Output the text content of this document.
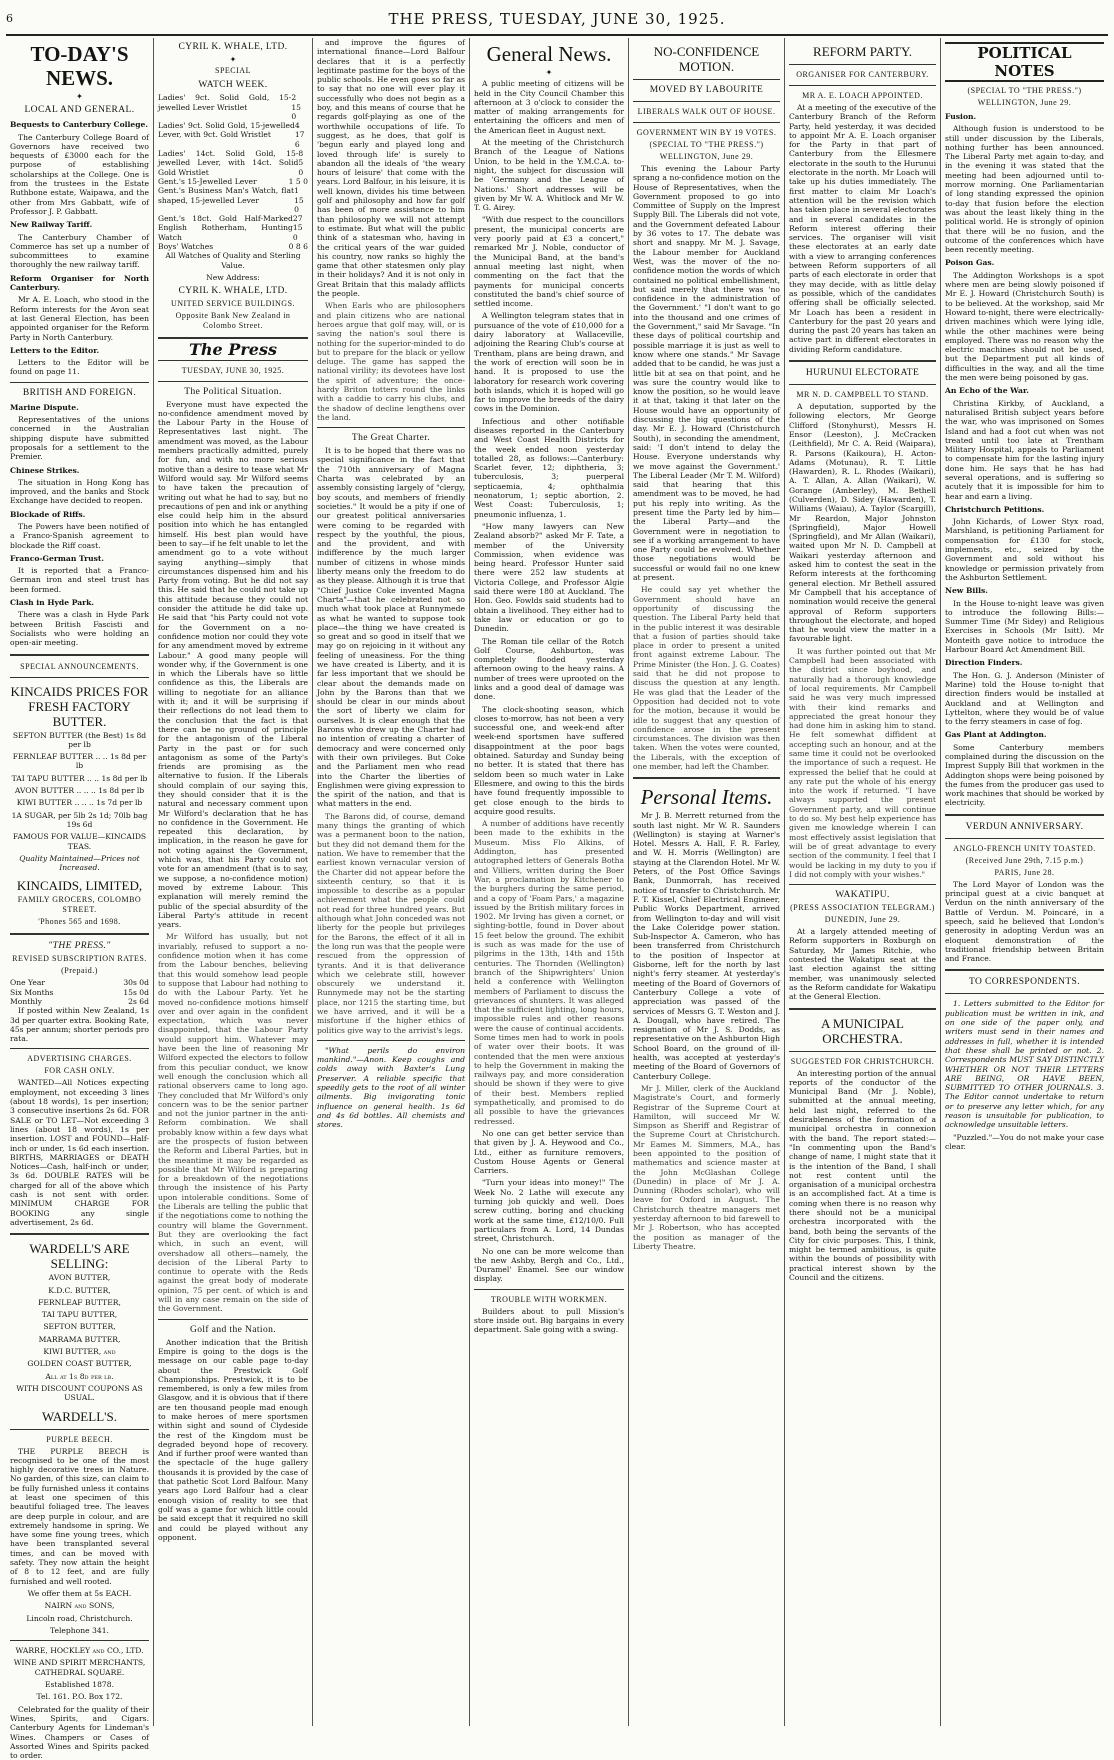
6	THE PRESS, TUESDAY, JUNE 30, 1925.
TO-DAY'S NEWS.
✦
LOCAL AND GENERAL.

Bequests to Canterbury College.

The Canterbury College Board of Governors have received two bequests of £3000 each for the purpose of establishing scholarships at the College. One is from the trustees in the Estate Ruthbone estate, Waipawa, and the other from Mrs Gabbatt, wife of Professor J. P. Gabbatt.

New Railway Tariff.

The Canterbury Chamber of Commerce has set up a number of subcommittees to examine thoroughly the new railway tariff.

Reform Organiser for North Canterbury.

Mr A. E. Loach, who stood in the Reform interests for the Avon seat at last General Election, has been appointed organiser for the Reform Party in North Canterbury.

Letters to the Editor.

Letters to the Editor will be found on page 11.

BRITISH AND FOREIGN.

Marine Dispute.

Representatives of the unions concerned in the Australian shipping dispute have submitted proposals for a settlement to the Premier.

Chinese Strikes.

The situation in Hong Kong has improved, and the banks and Stock Exchange have decided to reopen.

Blockade of Riffs.

The Powers have been notified of a Franco-Spanish agreement to blockade the Riff coast.

Franco-German Trust.

It is reported that a Franco-German iron and steel trust has been formed.

Clash in Hyde Park.

There was a clash in Hyde Park between British Fascisti and Socialists who were holding an open-air meeting.

SPECIAL ANNOUNCEMENTS.
KINCAIDS PRICES FOR FRESH FACTORY BUTTER.

SEFTON BUTTER (the Best) 1s 8d per lb

FERNLEAF BUTTER .. .. 1s 8d per lb

TAI TAPU BUTTER .. .. 1s 8d per lb

AVON BUTTER .. .. .. 1s 8d per lb

KIWI BUTTER .. .. .. 1s 7d per lb

1A SUGAR, per 5lb 2s 1d; 70lb bag 19s 6d

FAMOUS FOR VALUE—KINCAIDS TEAS.

Quality Maintained—Prices not Increased.

KINCAIDS, LIMITED,
FAMILY GROCERS, COLOMBO STREET.
'Phones 565 and 1698.
"THE PRESS."
REVISED SUBSCRIPTION RATES.
(Prepaid.)
One Year	30s 0d
Six Months	15s 0d
Monthly	2s 6d

If posted within New Zealand, 1s 3d per quarter extra. Booking Rate, 45s per annum; shorter periods pro rata.

ADVERTISING CHARGES.
FOR CASH ONLY.

WANTED—All Notices expecting employment, not exceeding 3 lines (about 18 words), 1s per insertion; 3 consecutive insertions 2s 6d. FOR SALE or TO LET—Not exceeding 3 lines (about 18 words), 1s per insertion. LOST and FOUND—Half-inch or under, 1s 6d each insertion. BIRTHS, MARRIAGES or DEATH Notices—Cash, half-inch or under, 3s 6d. DOUBLE RATES will be charged for all of the above which cash is not sent with order. MINIMUM CHARGE FOR BOOKING any single advertisement, 2s 6d.

WARDELL'S ARE SELLING:

AVON BUTTER,

K.D.C. BUTTER,

FERNLEAF BUTTER,

TAI TAPU BUTTER,

SEFTON BUTTER,

MARRAMA BUTTER,

KIWI BUTTER, and

GOLDEN COAST BUTTER,

All at 1s 8d per lb.

WITH DISCOUNT COUPONS AS USUAL.

WARDELL'S.
PURPLE BEECH.

THE PURPLE BEECH is recognised to be one of the most highly decorative trees in Nature. No garden, of this size, can claim to be fully furnished unless it contains at least one specimen of this beautiful foliaged tree. The leaves are deep purple in colour, and are extremely handsome in spring. We have some fine young trees, which have been transplanted several times, and can be moved with safety. They now attain the height of 8 to 12 feet, and are fully furnished and well rooted.

We offer them at 5s EACH.

NAIRN and SONS,

Lincoln road, Christchurch.

Telephone 341.

WARRE, HOCKLEY and CO., LTD.

WINE AND SPIRIT MERCHANTS, CATHEDRAL SQUARE.

Established 1878.

Tel. 161. P.O. Box 172.

Celebrated for the quality of their Wines, Spirits, and Cigars. Canterbury Agents for Lindeman's Wines. Champers or Cases of Assorted Wines and Spirits packed to order.

CYRIL K. WHALE, LTD.
✦
SPECIAL
WATCH WEEK.
Ladies' 9ct. Solid Gold, 15-jewelled Lever Wristlet
2 15 0
Ladies' 9ct. Solid Gold, 15-jewelled Lever, with 9ct. Gold Wristlet
4 17 6
Ladies' 14ct. Solid Gold, 15-jewelled Lever, with 14ct. Solid Gold Wristlet
8 5 0
Gent.'s 15-Jewelled Lever	1 5 0
Gent.'s Business Man's Watch, flat shaped, 15-jewelled Lever
1 15 0
Gent.'s 18ct. Gold Half-Marked English Rotherham, Hunting Watch
27 15 0
Boys' Watches	0 8 6

All Watches of Quality and Sterling Value.

New Address:

CYRIL K. WHALE, LTD.
UNITED SERVICE BUILDINGS.
Opposite Bank New Zealand in Colombo Street.
The Press
TUESDAY, JUNE 30, 1925.
The Political Situation.

Everyone must have expected the no-confidence amendment moved by the Labour Party in the House of Representatives last night. The amendment was moved, as the Labour members practically admitted, purely for fun, and with no more serious motive than a desire to tease what Mr Wilford would say. Mr Wilford seems to have taken the precaution of writing out what he had to say, but no precautions of pen and ink or anything else could help him in the absurd position into which he has entangled himself. His best plan would have been to say—if he felt unable to let the amendment go to a vote without saying anything—simply that circumstances dispensed him and his Party from voting. But he did not say this. He said that he could not take up this attitude because they could not consider the attitude he did take up. He said that "his Party could not vote for the Government on a no-confidence motion nor could they vote for any amendment moved by extreme Labour." A good many people will wonder why, if the Government is one in which the Liberals have so little confidence as this, the Liberals are willing to negotiate for an alliance with it; and it will be surprising if their reflections do not lead them to the conclusion that the fact is that there can be no ground of principle for the antagonism of the Liberal Party in the past or for such antagonism as some of the Party's friends are promising as the alternative to fusion. If the Liberals should complain of our saying this, they should consider that it is the natural and necessary comment upon Mr Wilford's declaration that he has no confidence in the Government. He repeated this declaration, by implication, in the reason he gave for not voting against the Government, which was, that his Party could not vote for an amendment (that is to say, we suppose, a no-confidence motion) moved by extreme Labour. This explanation will merely remind the public of the special absurdity of the Liberal Party's attitude in recent years.

Mr Wilford has usually, but not invariably, refused to support a no-confidence motion when it has come from the Labour benches, believing that this would somehow lead people to suppose that Labour had nothing to do with the Labour Party. Yet he moved no-confidence motions himself over and over again in the confident expectation, which was never disappointed, that the Labour Party would support him. Whatever may have been the line of reasoning Mr Wilford expected the electors to follow from this peculiar conduct, we know well enough the conclusion which all rational observers came to long ago. They concluded that Mr Wilford's only concern was to be the senior partner and not the junior partner in the anti-Reform combination. We shall probably know within a few days what are the prospects of fusion between the Reform and Liberal Parties, but in the meantime it may be regarded as possible that Mr Wilford is preparing for a breakdown of the negotiations through the insistence of his Party upon intolerable conditions. Some of the Liberals are telling the public that if the negotiations come to nothing the country will blame the Government. But they are overlooking the fact which, in such an event, will overshadow all others—namely, the decision of the Liberal Party to continue to operate with the Reds against the great body of moderate opinion, 75 per cent. of which is and will in any case remain on the side of the Government.

Golf and the Nation.

Another indication that the British Empire is going to the dogs is the message on our cable page to-day about the Prestwick Golf Championships. Prestwick, it is to be remembered, is only a few miles from Glasgow, and it is obvious that if there are ten thousand people mad enough to make heroes of mere sportsmen within sight and sound of Clydeside the rest of the Kingdom must be degraded beyond hope of recovery. And if further proof were wanted than the spectacle of the huge gallery thousands it is provided by the case of that pathetic Scot Lord Balfour. Many years ago Lord Balfour had a clear enough vision of reality to see that golf was a game for which little could be said except that it required no skill and could be played without any opponent.

and improve the figures of international finance—Lord Balfour declares that it is a perfectly legitimate pastime for the boys of the public schools. He even goes so far as to say that no one will ever play it successfully who does not begin as a boy, and this means of course that he regards golf-playing as one of the worthwhile occupations of life. To suggest, as he does, that golf is 'begun early and played long and loved through life' is surely to abandon all the ideals of 'the weary hours of leisure' that come with the years. Lord Balfour, in his leisure, it is well known, divides his time between golf and philosophy and how far golf has been of more assistance to him than philosophy we will not attempt to estimate. But what will the public think of a statesman who, having in the critical years of the war guided his country, now ranks so highly the game that other statesmen only play in their holidays? And it is not only in Great Britain that this malady afflicts the people.

When Earls who are philosophers and plain citizens who are national heroes argue that golf may, will, or is saving the nation's soul there is nothing for the superior-minded to do but to prepare for the black or yellow deluge. The game has sapped the national virility; its devotees have lost the spirit of adventure; the once-hardy Briton totters round the links with a caddie to carry his clubs, and the shadow of decline lengthens over the land.

The Great Charter.

It is to be hoped that there was no special significance in the fact that the 710th anniversary of Magna Charta was celebrated by an assembly consisting largely of "clergy, boy scouts, and members of friendly societies." It would be a pity if one of our greatest political anniversaries were coming to be regarded with respect by the youthful, the pious, and the provident, and with indifference by the much larger number of citizens in whose minds liberty means only the freedom to do as they please. Although it is true that "Chief Justice Coke invented Magna Charta"—that he celebrated not so much what took place at Runnymede as what he wanted to suppose took place—the thing we have created is so great and so good in itself that we may go on rejoicing in it without any feeling of uneasiness. For the thing we have created is Liberty, and it is far less important that we should be clear about the demands made on John by the Barons than that we should be clear in our minds about the sort of liberty we claim for ourselves. It is clear enough that the Barons who drew up the Charter had no intention of creating a charter of democracy and were concerned only with their own privileges. But Coke and the Parliament men who read into the Charter the liberties of Englishmen were giving expression to the spirit of the nation, and that is what matters in the end.

The Barons did, of course, demand many things the granting of which was a permanent boon to the nation, but they did not demand them for the nation. We have to remember that the earliest known vernacular version of the Charter did not appear before the sixteenth century, so that it is impossible to describe as a popular achievement what the people could not read for three hundred years. But although what John conceded was not liberty for the people but privileges for the Barons, the effect of it all in the long run was that the people were rescued from the oppression of tyrants. And it is that deliverance which we celebrate still, however obscurely we understand it. Runnymede may not be the starting place, nor 1215 the starting time, but we have arrived, and it will be a misfortune if the higher ethics of politics give way to the arrivist's legs.

"What perils do environ mankind."—Anon. Keep coughs and colds away with Baxter's Lung Preserver. A reliable specific that speedily gets to the root of all winter ailments. Big invigorating tonic influence on general health. 1s 6d and 4s 6d bottles. All chemists and stores.

General News.
✦

A public meeting of citizens will be held in the City Council Chamber this afternoon at 3 o'clock to consider the matter of making arrangements for entertaining the officers and men of the American fleet in August next.

At the meeting of the Christchurch Branch of the League of Nations Union, to be held in the Y.M.C.A. to-night, the subject for discussion will be 'Germany and the League of Nations.' Short addresses will be given by Mr W. A. Whitlock and Mr W. T. G. Airey.

"With due respect to the councillors present, the municipal concerts are very poorly paid at £3 a concert," remarked Mr J. Noble, conductor of the Municipal Band, at the band's annual meeting last night, when commenting on the fact that the payments for municipal concerts constituted the band's chief source of settled income.

A Wellington telegram states that in pursuance of the vote of £10,000 for a dairy laboratory at Wallaceville, adjoining the Rearing Club's course at Trentham, plans are being drawn, and the work of erection will soon be in hand. It is proposed to use the laboratory for research work covering both islands, which it is hoped will go far to improve the breeds of the dairy cows in the Dominion.

Infectious and other notifiable diseases reported in the Canterbury and West Coast Health Districts for the week ended noon yesterday totalled 28, as follows:—Canterbury: Scarlet fever, 12; diphtheria, 3; tuberculosis, 3; puerperal septicaemia, 4; ophthalmia neonatorum, 1; septic abortion, 2. West Coast: Tuberculosis, 1; pneumonic influenza, 1.

"How many lawyers can New Zealand absorb?" asked Mr F. Tate, a member of the University Commission, when evidence was being heard. Professor Hunter said there were 252 law students at Victoria College, and Professor Algie said there were 180 at Auckland. The Hon. Geo. Fowlds said students had to obtain a livelihood. They either had to take law or education or go to Dunedin.

The Roman tile cellar of the Rotch Golf Course, Ashburton, was completely flooded yesterday afternoon owing to the heavy rains. A number of trees were uprooted on the links and a good deal of damage was done.

The clock-shooting season, which closes to-morrow, has not been a very successful one, and week-end after week-end sportsmen have suffered disappointment at the poor bags obtained. Saturday and Sunday being no better. It is stated that there has seldom been so much water in Lake Ellesmere, and owing to this the birds have found frequently impossible to get close enough to the birds to acquire good results.

A number of additions have recently been made to the exhibits in the Museum. Miss Flo Alkins, of Addington, has presented autographed letters of Generals Botha and Villiers, written during the Boer War, a proclamation by Kitchener to the burghers during the same period, and a copy of 'Foam Pars,' a magazine issued by the British military forces in 1902. Mr Irving has given a cornet, or sighting-bottle, found in Dover about 15 feet below the ground. The exhibit is such as was made for the use of pilgrims in the 13th, 14th and 15th centuries. The Thornden (Wellington) branch of the Shipwrighters' Union held a conference with Wellington members of Parliament to discuss the grievances of shunters. It was alleged that the sufficient lighting, long hours, impossible rules and other reasons were the cause of continual accidents. Some times men had to work in pools of water over their boots. It was contended that the men were anxious to help the Government in making the railways pay, and more consideration should be shown if they were to give of their best. Members replied sympathetically, and promised to do all possible to have the grievances redressed.

No one can get better service than that given by J. A. Heywood and Co., Ltd., either as furniture removers, Custom House Agents or General Carriers.

"Turn your ideas into money!" The Week No. 2 Lathe will execute any turning job quickly and well. Does screw cutting, boring and chucking work at the same time, £12/10/0. Full particulars from A. Lord, 14 Dundas street, Christchurch.

No one can be more welcome than the new Ashby, Bergh and Co., Ltd., 'Duramel' Enamel. See our window display.

TROUBLE WITH WORKMEN.

Builders about to pull Mission's store inside out. Big bargains in every department. Sale going with a swing.

NO-CONFIDENCE MOTION.
MOVED BY LABOURITE
LIBERALS WALK OUT OF HOUSE.
GOVERNMENT WIN BY 19 VOTES.
(SPECIAL TO "THE PRESS.")
WELLINGTON, June 29.

This evening the Labour Party sprang a no-confidence motion on the House of Representatives, when the Government proposed to go into Committee of Supply on the Imprest Supply Bill. The Liberals did not vote, and the Government defeated Labour by 36 votes to 17. The debate was short and snappy. Mr M. J. Savage, the Labour member for Auckland West, was the mover of the no-confidence motion the words of which contained no political embellishment, but said merely that there was 'no confidence in the administration of the Government.' "I don't want to go into the thousand and one crimes of the Government," said Mr Savage. "In these days of political courtship and possible marriage it is just as well to know where one stands." Mr Savage added that to be candid, he was just a little bit at sea on that point, and he was sure the country would like to know the position, so he would leave it at that, taking it that later on the House would have an opportunity of discussing the big questions of the day. Mr E. J. Howard (Christchurch South), in seconding the amendment, said: 'I don't intend to delay the House. Everyone understands why we move against the Government.' The Liberal Leader (Mr T. M. Wilford) said that hearing that this amendment was to be moved, he had put his reply into writing. As the present time the Party led by him—the Liberal Party—and the Government were in negotiation to see if a working arrangement to have one Party could be evolved. Whether those negotiations would be successful or would fail no one knew at present.

He could say yet whether the Government should have an opportunity of discussing the question. The Liberal Party held that in the public interest it was desirable that a fusion of parties should take place in order to present a united front against extreme Labour. The Prime Minister (the Hon. J. G. Coates) said that he did not propose to discuss the question at any length. He was glad that the Leader of the Opposition had decided not to vote for the motion, because it would be idle to suggest that any question of confidence arose in the present circumstances. The division was then taken. When the votes were counted, the Liberals, with the exception of one member, had left the Chamber.

Personal Items.

Mr J. B. Merrett returned from the south last night. Mr W. R. Saunders (Wellington) is staying at Warner's Hotel. Messrs A. Hall, F. R. Farley, and W. H. Morris (Wellington) are staying at the Clarendon Hotel. Mr W. Peters, of the Post Office Savings Bank, Dunmorrah, has received notice of transfer to Christchurch. Mr F. T. Kissel, Chief Electrical Engineer, Public Works Department, arrived from Wellington to-day and will visit the Lake Coleridge power station. Sub-Inspector A. Cameron, who has been transferred from Christchurch to the position of Inspector at Gisborne, left for the north by last night's ferry steamer. At yesterday's meeting of the Board of Governors of Canterbury College a vote of appreciation was passed of the services of Messrs G. T. Weston and J. A. Dougall, who have retired. The resignation of Mr J. S. Dodds, as representative on the Ashburton High School Board, on the ground of ill-health, was accepted at yesterday's meeting of the Board of Governors of Canterbury College.

Mr J. Miller, clerk of the Auckland Magistrate's Court, and formerly Registrar of the Supreme Court at Hamilton, will succeed Mr W. Simpson as Sheriff and Registrar of the Supreme Court at Christchurch. Mr Eames M. Simmers, M.A., has been appointed to the position of mathematics and science master at the John McGlashan College (Dunedin) in place of Mr J. A. Dunning (Rhodes scholar), who will leave for Oxford in August. The Christchurch theatre managers met yesterday afternoon to bid farewell to Mr J. Robertson, who has accepted the position as manager of the Liberty Theatre.

REFORM PARTY.
ORGANISER FOR CANTERBURY.
MR A. E. LOACH APPOINTED.

At a meeting of the executive of the Canterbury Branch of the Reform Party, held yesterday, it was decided to appoint Mr A. E. Loach organiser for the Party in that part of Canterbury from the Ellesmere electorate in the south to the Hurunui electorate in the north. Mr Loach will take up his duties immediately. The first matter to claim Mr Loach's attention will be the revision which has taken place in several electorates and in several candidates in the Reform interest offering their services. The organiser will visit these electorates at an early date with a view to arranging conferences between Reform supporters of all parts of each electorate in order that they may decide, with as little delay as possible, which of the candidates offering shall be officially selected. Mr Loach has been a resident in Canterbury for the past 20 years and during the past 20 years has taken an active part in different electorates in dividing Reform candidature.

HURUNUI ELECTORATE
MR N. D. CAMPBELL TO STAND.

A deputation, supported by the following electors, Mr George Clifford (Stonyhurst), Messrs H. Ensor (Leeston), J. McCracken (Leithfield), Mr C. A. Reid (Waipara), R. Parsons (Kaikoura), H. Acton-Adams (Motunau), R. T. Little (Hawarden), R. L. Rhodes (Waikari), A. T. Allan, A. Allan (Waikari), W. Gorange (Amberley), M. Bethell (Culverden), D. Sidey (Hawarden), T. Williams (Waiau), A. Taylor (Scargill), Mr Reardon, Major Johnston (Springfield), Major Howell (Springfield), and Mr Allan (Waikari), waited upon Mr N. D. Campbell at Waikari yesterday afternoon and asked him to contest the seat in the Reform interests at the forthcoming general election. Mr Bethell assured Mr Campbell that his acceptance of nomination would receive the general approval of Reform supporters throughout the electorate, and hoped that he would view the matter in a favourable light.

It was further pointed out that Mr Campbell had been associated with the district since boyhood, and naturally had a thorough knowledge of local requirements. Mr Campbell said he was very much impressed with their kind remarks and appreciated the great honour they had done him in asking him to stand. He felt somewhat diffident at accepting such an honour, and at the same time it could not be overlooked the importance of such a request. He expressed the belief that he could at any rate put the whole of his energy into the work if returned. "I have always supported the present Government party, and will continue to do so. My best help experience has given me knowledge wherein I can most effectively assist legislation that will be of great advantage to every section of the community. I feel that I would be lacking in my duty to you if I did not comply with your wishes."

WAKATIPU.
(PRESS ASSOCIATION TELEGRAM.)
DUNEDIN, June 29.

At a largely attended meeting of Reform supporters in Roxburgh on Saturday, Mr James Ritchie, who contested the Wakatipu seat at the last election against the sitting member, was unanimously selected as the Reform candidate for Wakatipu at the General Election.

A MUNICIPAL ORCHESTRA.
SUGGESTED FOR CHRISTCHURCH.

An interesting portion of the annual reports of the conductor of the Municipal Band (Mr J. Noble), submitted at the annual meeting, held last night, referred to the desirableness of the formation of a municipal orchestra in connexion with the band. The report stated:— "In commenting upon the Band's change of name, I might state that it is the intention of the Band, I shall not rest content until the organisation of a municipal orchestra is an accomplished fact. At a time is coming when there is no reason why there should not be a municipal orchestra incorporated with the band, both being the servants of the City for civic purposes. This, I think, might be termed ambitious, is quite within the bounds of possibility with practical interest shown by the Council and the citizens.

POLITICAL NOTES
(SPECIAL TO "THE PRESS.")
WELLINGTON, June 29.

Fusion.

Although fusion is understood to be still under discussion by the Liberals, nothing further has been announced. The Liberal Party met again to-day, and in the evening it was stated that the meeting had been adjourned until to-morrow morning. One Parliamentarian of long standing expressed the opinion to-day that fusion before the election was about the least likely thing in the political world. He is strongly of opinion that there will be no fusion, and the outcome of the conferences which have been recently meeting.

Poison Gas.

The Addington Workshops is a spot where men are being slowly poisoned if Mr E. J. Howard (Christchurch South) is to be believed. At the workshop, said Mr Howard to-night, there were electrically-driven machines which were lying idle, while the other machines were being employed. There was no reason why the electric machines should not be used, but the Department put all kinds of difficulties in the way, and all the time the men were being poisoned by gas.

An Echo of the War.

Christina Kirkby, of Auckland, a naturalised British subject years before the war, who was imprisoned on Somes Island and had a foot cut when was not treated until too late at Trentham Military Hospital, appeals to Parliament to compensate him for the lasting injury done him. He says that he has had several operations, and is suffering so acutely that it is impossible for him to hear and earn a living.

Christchurch Petitions.

John Kichards, of Lower Styx road, Marshland, is petitioning Parliament for compensation for £130 for stock, implements, etc., seized by the Government and sold without his knowledge or permission privately from the Ashburton Settlement.

New Bills.

In the House to-night leave was given to introduce the following Bills:—Summer Time (Mr Sidey) and Religious Exercises in Schools (Mr Isitt). Mr Monteith gave notice to introduce the Harbour Board Act Amendment Bill.

Direction Finders.

The Hon. G. J. Anderson (Minister of Marine) told the House to-night that direction finders would be installed at Auckland and at Wellington and Lyttelton, where they would be of value to the ferry steamers in case of fog.

Gas Plant at Addington.

Some Canterbury members complained during the discussion on the Imprest Supply Bill that workmen in the Addington shops were being poisoned by the fumes from the producer gas used to work machines that should be worked by electricity.

VERDUN ANNIVERSARY.
ANGLO-FRENCH UNITY TOASTED.
(Received June 29th, 7.15 p.m.)
PARIS, June 28.

The Lord Mayor of London was the principal guest at a civic banquet at Verdun on the ninth anniversary of the Battle of Verdun. M. Poincaré, in a speech, said he believed that London's generosity in adopting Verdun was an eloquent demonstration of the traditional friendship between Britain and France.

TO CORRESPONDENTS.

1. Letters submitted to the Editor for publication must be written in ink, and on one side of the paper only, and writers must send in their names and addresses in full, whether it is intended that these shall be printed or not. 2. Correspondents MUST SAY DISTINCTLY WHETHER OR NOT THEIR LETTERS ARE BEING, OR HAVE BEEN, SUBMITTED TO OTHER JOURNALS. 3. The Editor cannot undertake to return or to preserve any letter which, for any reason is unsuitable for publication, to acknowledge unsuitable letters.

"Puzzled."—You do not make your case clear.
